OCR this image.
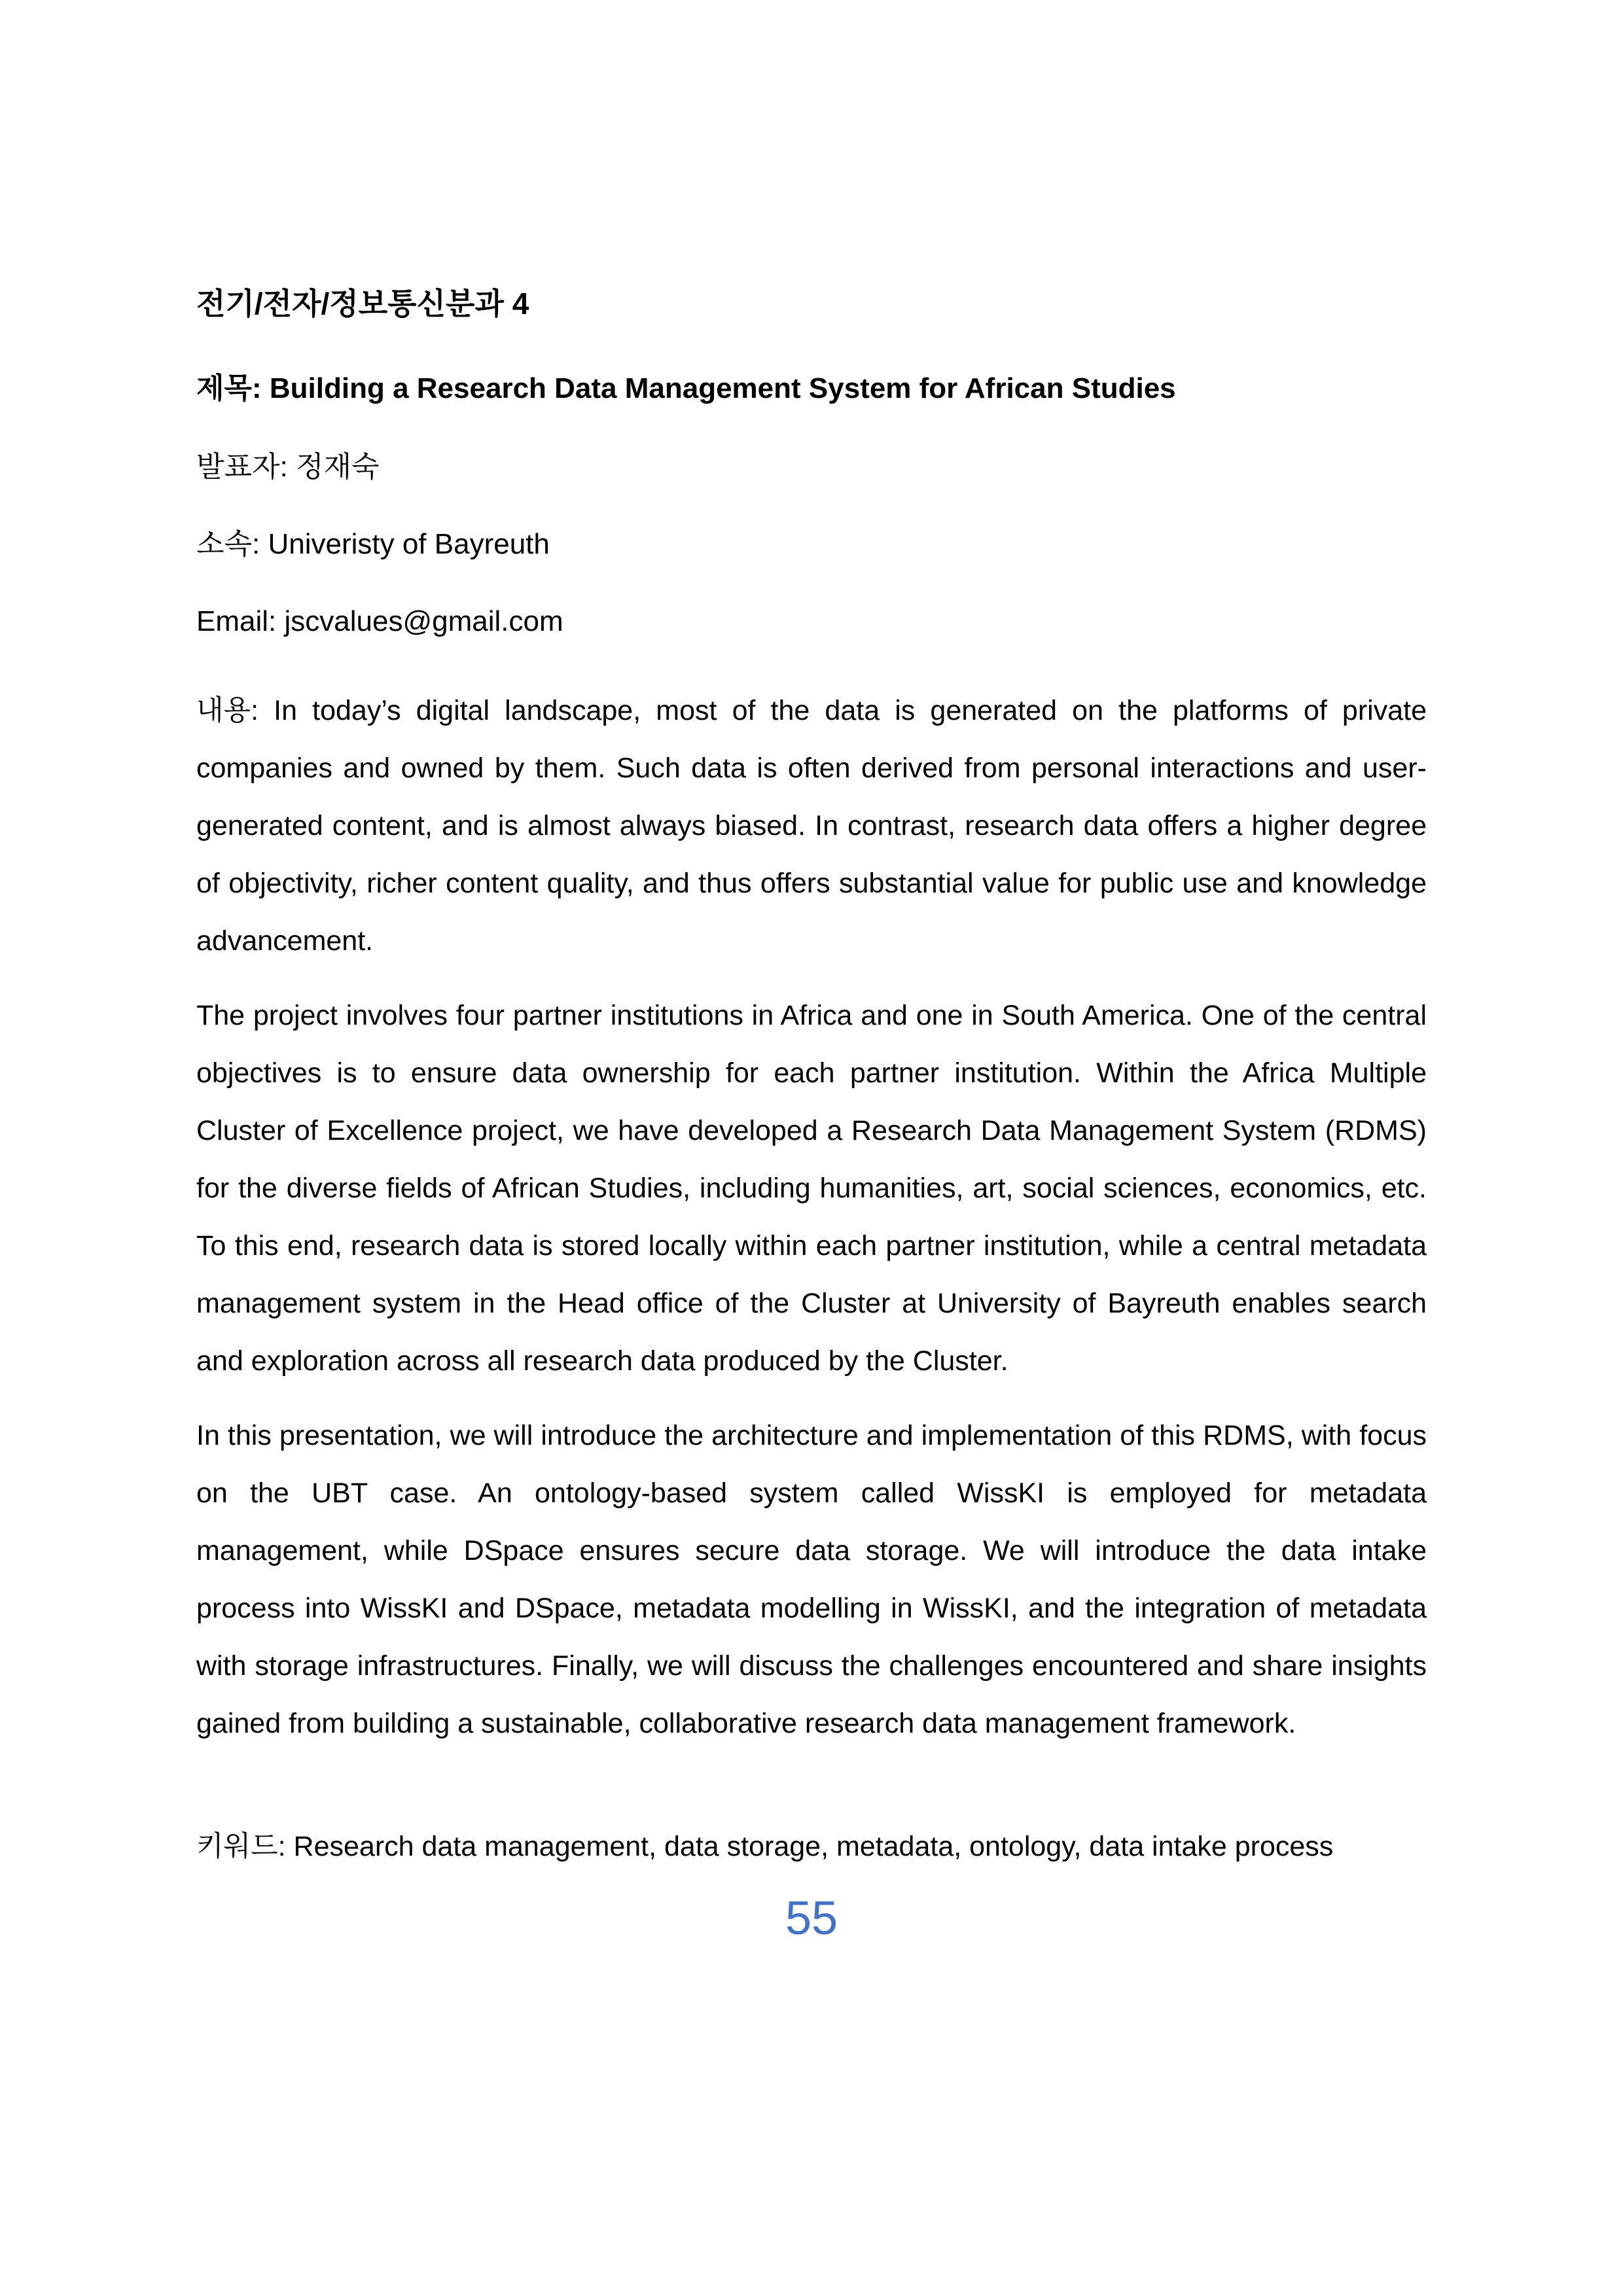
전기/전자/정보통신분과 4
제목: Building a Research Data Management System for African Studies
발표자: 정재숙
소속: Univeristy of Bayreuth
Email: jscvalues@gmail.com

내용: In today’s digital landscape, most of the data is generated on the platforms of private companies and owned by them. Such data is often derived from personal interactions and user-generated content, and is almost always biased. In contrast, research data offers a higher degree of objectivity, richer content quality, and thus offers substantial value for public use and knowledge advancement.

The project involves four partner institutions in Africa and one in South America. One of the central objectives is to ensure data ownership for each partner institution. Within the Africa Multiple Cluster of Excellence project, we have developed a Research Data Management System (RDMS) for the diverse fields of African Studies, including humanities, art, social sciences, economics, etc. To this end, research data is stored locally within each partner institution, while a central metadata management system in the Head office of the Cluster at University of Bayreuth enables search and exploration across all research data produced by the Cluster.

In this presentation, we will introduce the architecture and implementation of this RDMS, with focus on the UBT case. An ontology-based system called WissKI is employed for metadata management, while DSpace ensures secure data storage. We will introduce the data intake process into WissKI and DSpace, metadata modelling in WissKI, and the integration of metadata with storage infrastructures. Finally, we will discuss the challenges encountered and share insights gained from building a sustainable, collaborative research data management framework.

키워드: Research data management, data storage, metadata, ontology, data intake process

55
